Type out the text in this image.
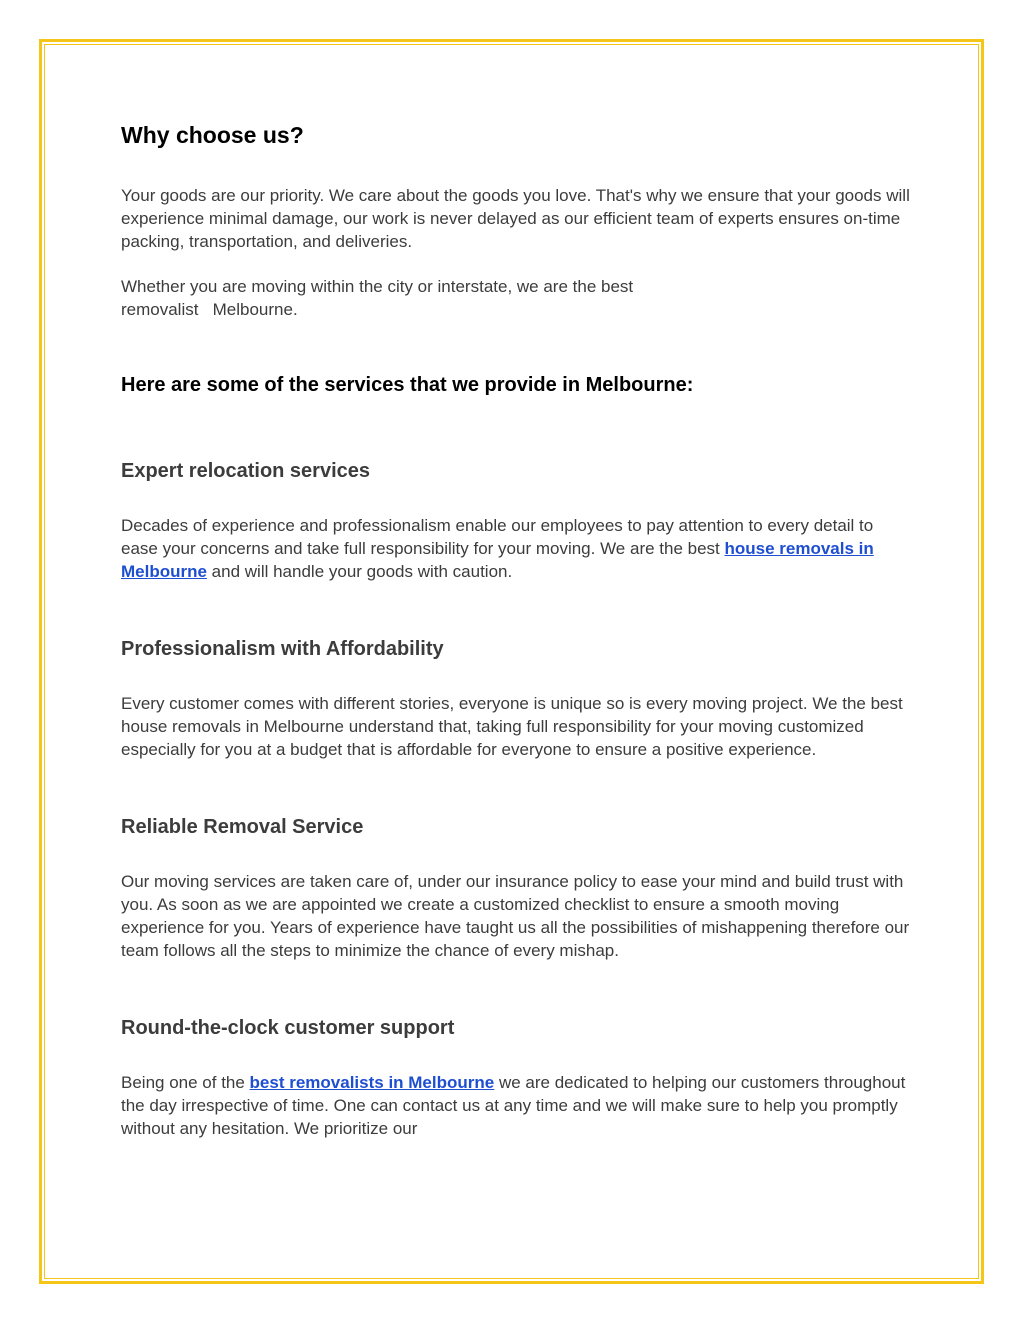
Why choose us?

Your goods are our priority. We care about the goods you love. That's why we ensure that your goods will experience minimal damage, our work is never delayed as our efficient team of experts ensures on-time packing, transportation, and deliveries.

Whether you are moving within the city or interstate, we are the best
removalist   Melbourne.

Here are some of the services that we provide in Melbourne:
Expert relocation services

Decades of experience and professionalism enable our employees to pay attention to every detail to ease your concerns and take full responsibility for your moving. We are the best house removals in Melbourne and will handle your goods with caution.

Professionalism with Affordability

Every customer comes with different stories, everyone is unique so is every moving project. We the best house removals in Melbourne understand that, taking full responsibility for your moving customized especially for you at a budget that is affordable for everyone to ensure a positive experience.

Reliable Removal Service

Our moving services are taken care of, under our insurance policy to ease your mind and build trust with you. As soon as we are appointed we create a customized checklist to ensure a smooth moving experience for you. Years of experience have taught us all the possibilities of mishappening therefore our team follows all the steps to minimize the chance of every mishap.

Round-the-clock customer support

Being one of the best removalists in Melbourne we are dedicated to helping our customers throughout the day irrespective of time. One can contact us at any time and we will make sure to help you promptly without any hesitation. We prioritize our
